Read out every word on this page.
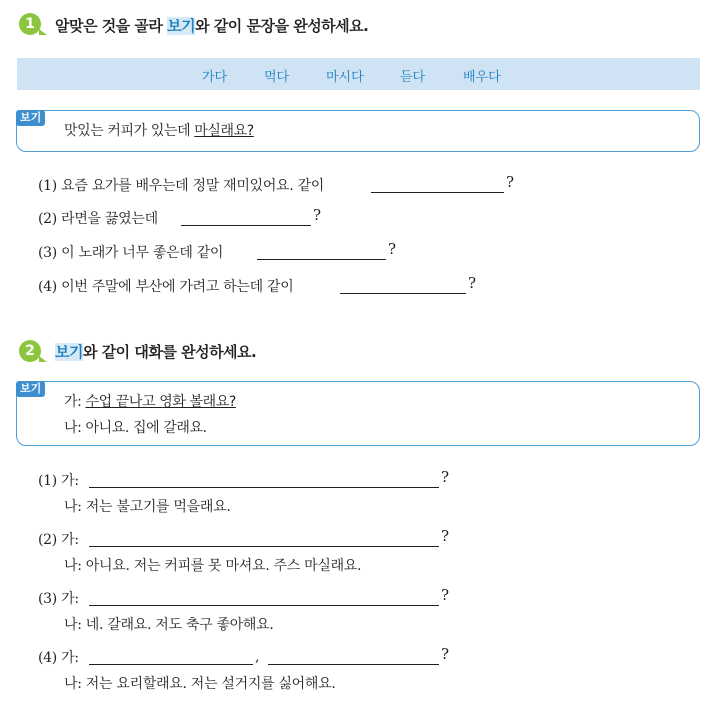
1	알맞은 것을 골라 보기와 같이 문장을 완성하세요.
가다	먹다	마시다	듣다	배우다
보기
맛있는 커피가 있는데 마실래요?
(1) 요즘 요가를 배우는데 정말 재미있어요. 같이	?
(2) 라면을 끓였는데	?
(3) 이 노래가 너무 좋은데 같이	?
(4) 이번 주말에 부산에 가려고 하는데 같이	?
2	보기와 같이 대화를 완성하세요.
보기
가: 수업 끝나고 영화 볼래요?
나: 아니요. 집에 갈래요.
(1) 가:	?
나: 저는 불고기를 먹을래요.
(2) 가:	?
나: 아니요. 저는 커피를 못 마셔요. 주스 마실래요.
(3) 가:	?
나: 네. 갈래요. 저도 축구 좋아해요.
(4) 가:	,	?
나: 저는 요리할래요. 저는 설거지를 싫어해요.
